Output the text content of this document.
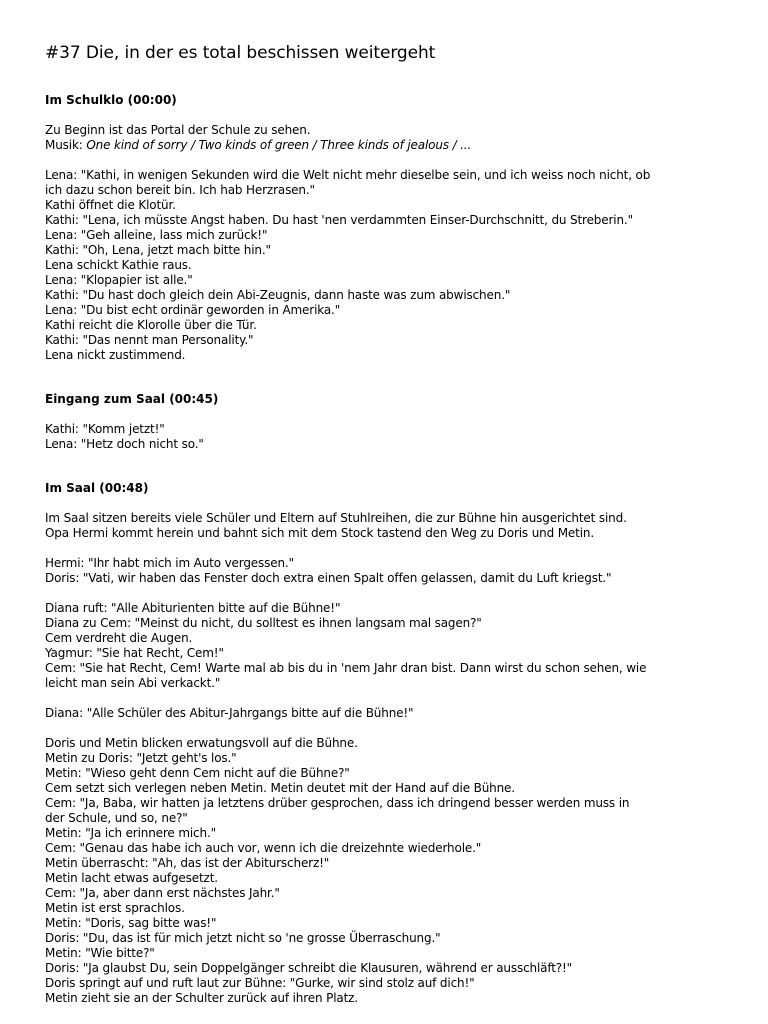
#37 Die, in der es total beschissen weitergeht
Im Schulklo (00:00)
Zu Beginn ist das Portal der Schule zu sehen.
Musik: One kind of sorry / Two kinds of green / Three kinds of jealous / ...
Lena: "Kathi, in wenigen Sekunden wird die Welt nicht mehr dieselbe sein, und ich weiss noch nicht, ob
ich dazu schon bereit bin. Ich hab Herzrasen."
Kathi öffnet die Klotür.
Kathi: "Lena, ich müsste Angst haben. Du hast 'nen verdammten Einser-Durchschnitt, du Streberin."
Lena: "Geh alleine, lass mich zurück!"
Kathi: "Oh, Lena, jetzt mach bitte hin."
Lena schickt Kathie raus.
Lena: "Klopapier ist alle."
Kathi: "Du hast doch gleich dein Abi-Zeugnis, dann haste was zum abwischen."
Lena: "Du bist echt ordinär geworden in Amerika."
Kathi reicht die Klorolle über die Tür.
Kathi: "Das nennt man Personality."
Lena nickt zustimmend.
Eingang zum Saal (00:45)
Kathi: "Komm jetzt!"
Lena: "Hetz doch nicht so."
Im Saal (00:48)
Im Saal sitzen bereits viele Schüler und Eltern auf Stuhlreihen, die zur Bühne hin ausgerichtet sind.
Opa Hermi kommt herein und bahnt sich mit dem Stock tastend den Weg zu Doris und Metin.
Hermi: "Ihr habt mich im Auto vergessen."
Doris: "Vati, wir haben das Fenster doch extra einen Spalt offen gelassen, damit du Luft kriegst."
Diana ruft: "Alle Abiturienten bitte auf die Bühne!"
Diana zu Cem: "Meinst du nicht, du solltest es ihnen langsam mal sagen?"
Cem verdreht die Augen.
Yagmur: "Sie hat Recht, Cem!"
Cem: "Sie hat Recht, Cem! Warte mal ab bis du in 'nem Jahr dran bist. Dann wirst du schon sehen, wie
leicht man sein Abi verkackt."
Diana: "Alle Schüler des Abitur-Jahrgangs bitte auf die Bühne!"
Doris und Metin blicken erwatungsvoll auf die Bühne.
Metin zu Doris: "Jetzt geht's los."
Metin: "Wieso geht denn Cem nicht auf die Bühne?"
Cem setzt sich verlegen neben Metin. Metin deutet mit der Hand auf die Bühne.
Cem: "Ja, Baba, wir hatten ja letztens drüber gesprochen, dass ich dringend besser werden muss in
der Schule, und so, ne?"
Metin: "Ja ich erinnere mich."
Cem: "Genau das habe ich auch vor, wenn ich die dreizehnte wiederhole."
Metin überrascht: "Ah, das ist der Abiturscherz!"
Metin lacht etwas aufgesetzt.
Cem: "Ja, aber dann erst nächstes Jahr."
Metin ist erst sprachlos.
Metin: "Doris, sag bitte was!"
Doris: "Du, das ist für mich jetzt nicht so 'ne grosse Überraschung."
Metin: "Wie bitte?"
Doris: "Ja glaubst Du, sein Doppelgänger schreibt die Klausuren, während er ausschläft?!"
Doris springt auf und ruft laut zur Bühne: "Gurke, wir sind stolz auf dich!"
Metin zieht sie an der Schulter zurück auf ihren Platz.
